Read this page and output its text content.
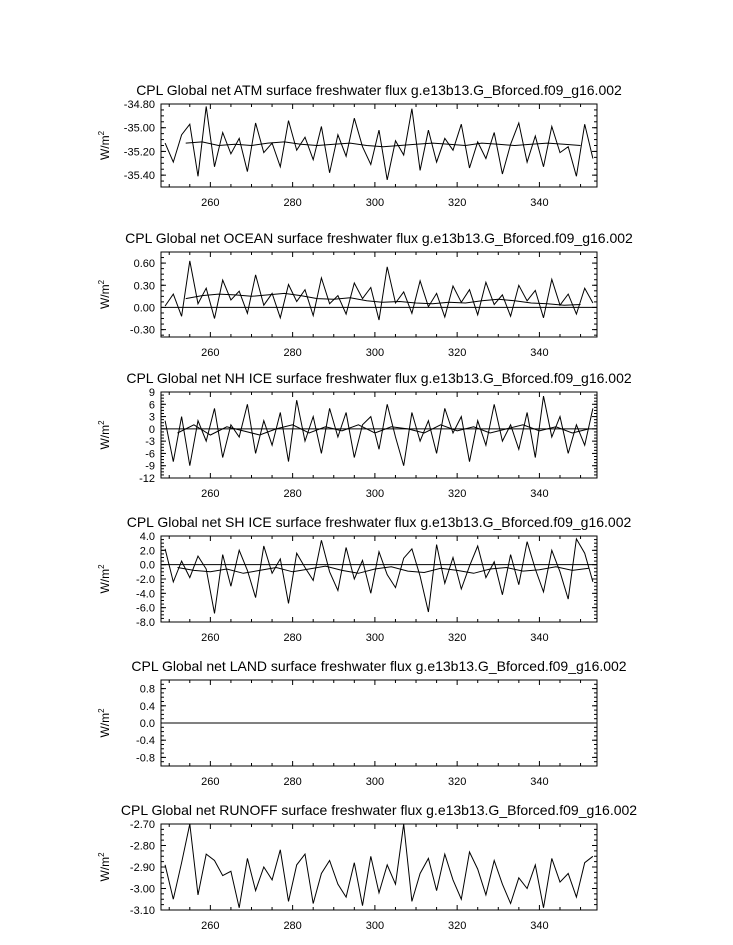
CPL Global net ATM surface freshwater flux g.e13b13.G_Bforced.f09_g16.002
-35.40
-35.20
-35.00
-34.80
260	280	300	320	340
$W/m^2$
CPL Global net OCEAN surface freshwater flux g.e13b13.G_Bforced.f09_g16.002
-0.30
0.00
0.30
0.60
260	280	300	320	340
$W/m^2$
CPL Global net NH ICE surface freshwater flux g.e13b13.G_Bforced.f09_g16.002
-12
-9
-6
-3
0
3
6
9
260	280	300	320	340
$W/m^2$
CPL Global net SH ICE surface freshwater flux g.e13b13.G_Bforced.f09_g16.002
-8.0
-6.0
-4.0
-2.0
0.0
2.0
4.0
260	280	300	320	340
$W/m^2$
CPL Global net LAND surface freshwater flux g.e13b13.G_Bforced.f09_g16.002
-0.8
-0.4
0.0
0.4
0.8
260	280	300	320	340
$W/m^2$
CPL Global net RUNOFF surface freshwater flux g.e13b13.G_Bforced.f09_g16.002
-3.10
-3.00
-2.90
-2.80
-2.70
260	280	300	320	340
$W/m^2$
